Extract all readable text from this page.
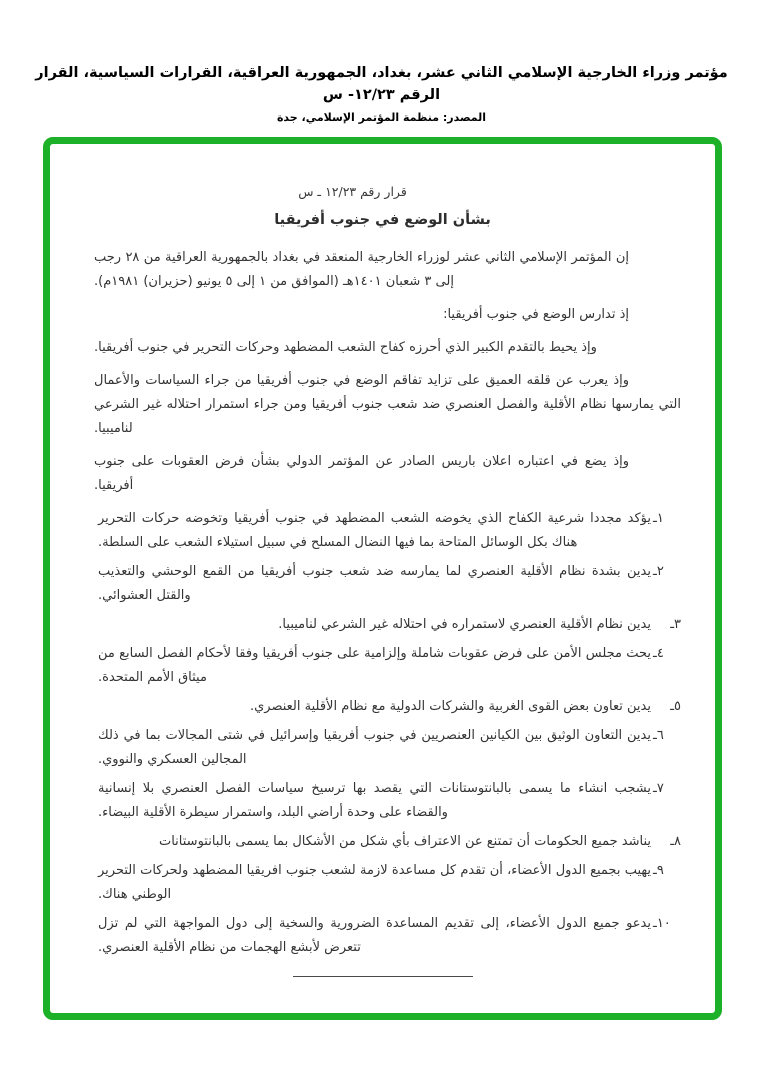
مؤتمر وزراء الخارجية الإسلامي الثاني عشر، بغداد، الجمهورية العراقية، القرارات السياسية، القرار الرقم ١٢/٢٣- س
المصدر: منظمة المؤتمر الإسلامي، جدة
قرار رقم ١٢/٢٣ ـ س
بشأن الوضع في جنوب أفريقيا

إن المؤتمر الإسلامي الثاني عشر لوزراء الخارجية المنعقد في بغداد بالجمهورية العراقية من ٢٨ رجب إلى ٣ شعبان ١٤٠١هـ (الموافق من ١ إلى ٥ يونيو (حزيران) ١٩٨١م).

إذ تدارس الوضع في جنوب أفريقيا:

وإذ يحيط بالتقدم الكبير الذي أحرزه كفاح الشعب المضطهد وحركات التحرير في جنوب أفريقيا.

وإذ يعرب عن قلقه العميق على تزايد تفاقم الوضع في جنوب أفريقيا من جراء السياسات والأعمال التي يمارسها نظام الأقلية والفصل العنصري ضد شعب جنوب أفريقيا ومن جراء استمرار احتلاله غير الشرعي لناميبيا.

وإذ يضع في اعتباره اعلان باريس الصادر عن المؤتمر الدولي بشأن فرض العقوبات على جنوب أفريقيا.

١ـ
يؤكد مجددا شرعية الكفاح الذي يخوضه الشعب المضطهد في جنوب أفريقيا وتخوضه حركات التحرير هناك بكل الوسائل المتاحة بما فيها النضال المسلح في سبيل استيلاء الشعب على السلطة.
٢ـ
يدين بشدة نظام الأقلية العنصري لما يمارسه ضد شعب جنوب أفريقيا من القمع الوحشي والتعذيب والقتل العشوائي.
٣ـ
يدين نظام الأقلية العنصري لاستمراره في احتلاله غير الشرعي لناميبيا.
٤ـ
يحث مجلس الأمن على فرض عقوبات شاملة وإلزامية على جنوب أفريقيا وفقا لأحكام الفصل السابع من ميثاق الأمم المتحدة.
٥ـ
يدين تعاون بعض القوى الغربية والشركات الدولية مع نظام الأقلية العنصري.
٦ـ
يدين التعاون الوثيق بين الكيانين العنصريين في جنوب أفريقيا وإسرائيل في شتى المجالات بما في ذلك المجالين العسكري والنووي.
٧ـ
يشجب انشاء ما يسمى بالبانتوستانات التي يقصد بها ترسيخ سياسات الفصل العنصري بلا إنسانية والقضاء على وحدة أراضي البلد، واستمرار سيطرة الأقلية البيضاء.
٨ـ
يناشد جميع الحكومات أن تمتنع عن الاعتراف بأي شكل من الأشكال بما يسمى بالبانتوستانات
٩ـ
يهيب بجميع الدول الأعضاء، أن تقدم كل مساعدة لازمة لشعب جنوب افريقيا المضطهد ولحركات التحرير الوطني هناك.
١٠ـ
يدعو جميع الدول الأعضاء، إلى تقديم المساعدة الضرورية والسخية إلى دول المواجهة التي لم تزل تتعرض لأبشع الهجمات من نظام الأقلية العنصري.
